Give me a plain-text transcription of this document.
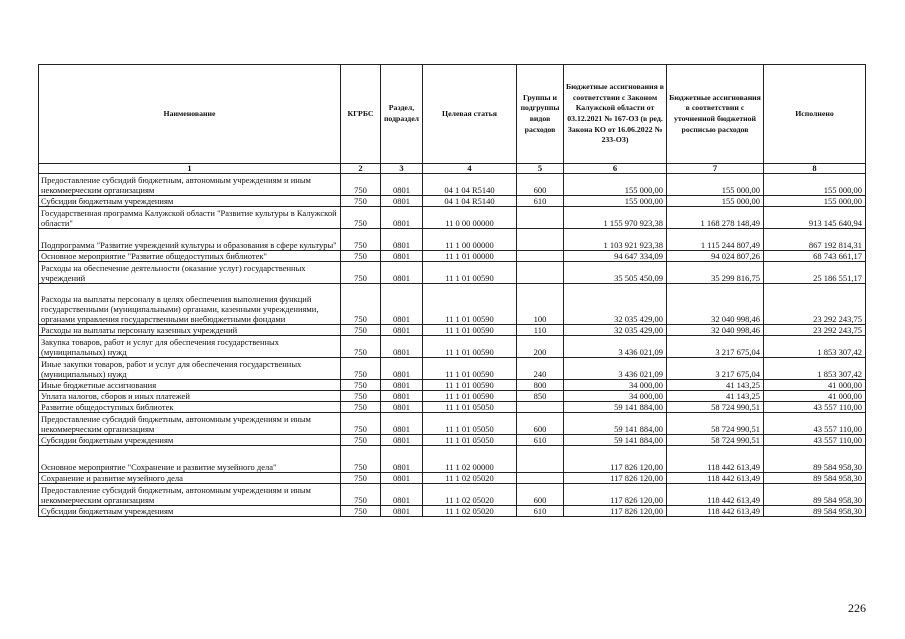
Наименование	КГРБС	Раздел, подраздел	Целевая статья	Группы и подгруппы видов расходов	Бюджетные ассигнования в соответствии с Законом Калужской области от 03.12.2021 № 167-ОЗ (в ред. Закона КО от 16.06.2022 № 233-ОЗ)	Бюджетные ассигнования в соответствии с уточненной бюджетной росписью расходов	Исполнено
1	2	3	4	5	6	7	8
Предоставление субсидий бюджетным, автономным учреждениям и иным некоммерческим организациям	750	0801	04 1 04 R5140	600	155 000,00	155 000,00	155 000,00
Субсидии бюджетным учреждениям	750	0801	04 1 04 R5140	610	155 000,00	155 000,00	155 000,00
Государственная программа Калужской области "Развитие культуры в Калужской области"	750	0801	11 0 00 00000		1 155 970 923,38	1 168 278 148,49	913 145 640,94
Подпрограмма "Развитие учреждений культуры и образования в сфере культуры"	750	0801	11 1 00 00000		1 103 921 923,38	1 115 244 807,49	867 192 814,31
Основное мероприятие "Развитие общедоступных библиотек"	750	0801	11 1 01 00000		94 647 334,09	94 024 807,26	68 743 661,17
Расходы на обеспечение деятельности (оказание услуг) государственных учреждений	750	0801	11 1 01 00590		35 505 450,09	35 299 816,75	25 186 551,17
Расходы на выплаты персоналу в целях обеспечения выполнения функций государственными (муниципальными) органами, казенными учреждениями, органами управления государственными внебюджетными фондами	750	0801	11 1 01 00590	100	32 035 429,00	32 040 998,46	23 292 243,75
Расходы на выплаты персоналу казенных учреждений	750	0801	11 1 01 00590	110	32 035 429,00	32 040 998,46	23 292 243,75
Закупка товаров, работ и услуг для обеспечения государственных (муниципальных) нужд	750	0801	11 1 01 00590	200	3 436 021,09	3 217 675,04	1 853 307,42
Иные закупки товаров, работ и услуг для обеспечения государственных (муниципальных) нужд	750	0801	11 1 01 00590	240	3 436 021,09	3 217 675,04	1 853 307,42
Иные бюджетные ассигнования	750	0801	11 1 01 00590	800	34 000,00	41 143,25	41 000,00
Уплата налогов, сборов и иных платежей	750	0801	11 1 01 00590	850	34 000,00	41 143,25	41 000,00
Развитие общедоступных библиотек	750	0801	11 1 01 05050		59 141 884,00	58 724 990,51	43 557 110,00
Предоставление субсидий бюджетным, автономным учреждениям и иным некоммерческим организациям	750	0801	11 1 01 05050	600	59 141 884,00	58 724 990,51	43 557 110,00
Субсидии бюджетным учреждениям	750	0801	11 1 01 05050	610	59 141 884,00	58 724 990,51	43 557 110,00
Основное мероприятие "Сохранение и развитие музейного дела"	750	0801	11 1 02 00000		117 826 120,00	118 442 613,49	89 584 958,30
Сохранение и развитие музейного дела	750	0801	11 1 02 05020		117 826 120,00	118 442 613,49	89 584 958,30
Предоставление субсидий бюджетным, автономным учреждениям и иным некоммерческим организациям	750	0801	11 1 02 05020	600	117 826 120,00	118 442 613,49	89 584 958,30
Субсидии бюджетным учреждениям	750	0801	11 1 02 05020	610	117 826 120,00	118 442 613,49	89 584 958,30
226
